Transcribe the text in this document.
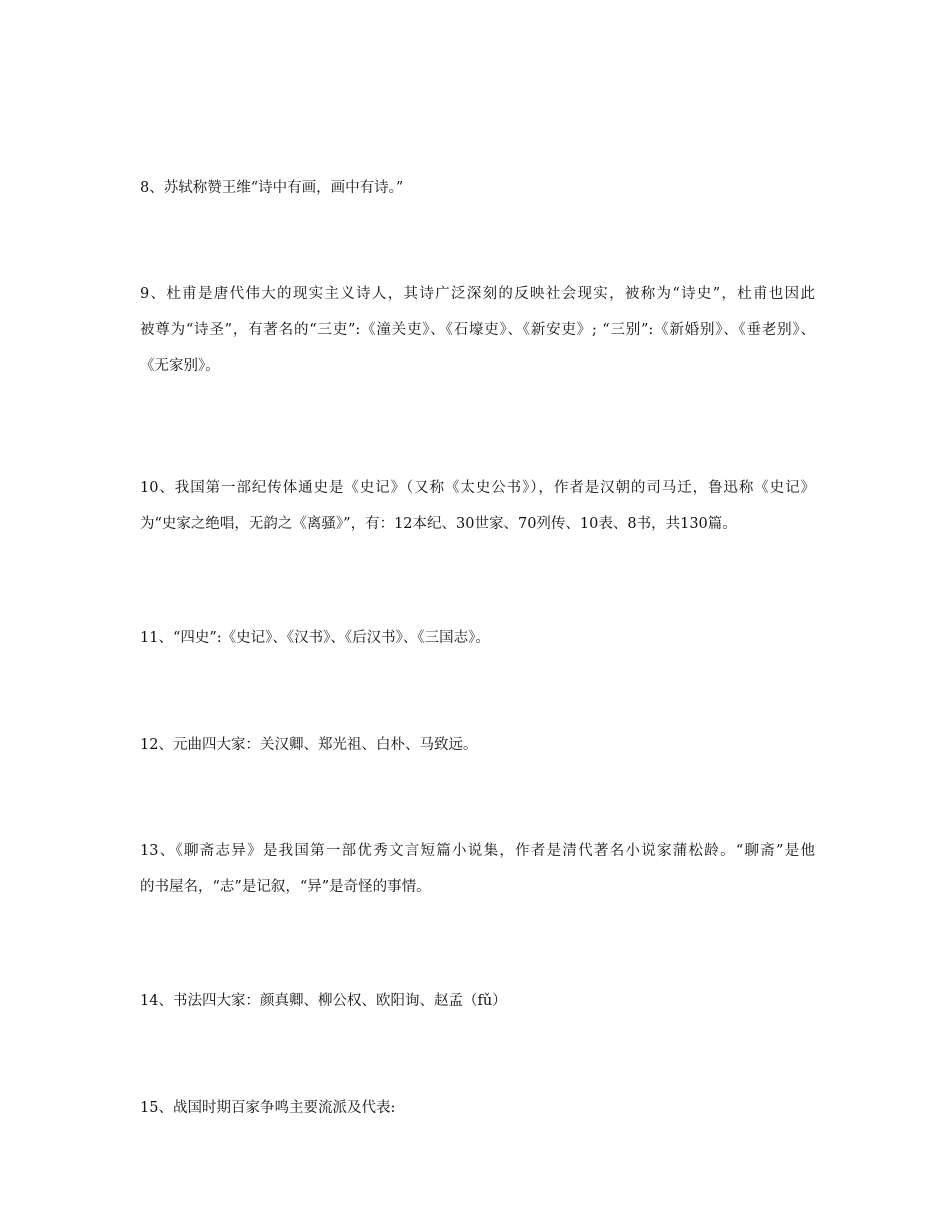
8、苏轼称赞王维“诗中有画，画中有诗。”
9、杜甫是唐代伟大的现实主义诗人，其诗广泛深刻的反映社会现实，被称为“诗史”，杜甫也因此
被尊为“诗圣”，有著名的“三吏”:《潼关吏》、《石壕吏》、《新安吏》; “三别”:《新婚别》、《垂老别》、
《无家别》。
10、我国第一部纪传体通史是《史记》（又称《太史公书》），作者是汉朝的司马迁，鲁迅称《史记》
为“史家之绝唱，无韵之《离骚》”，有：12本纪、30世家、70列传、10表、8书，共130篇。
11、“四史”:《史记》、《汉书》、《后汉书》、《三国志》。
12、元曲四大家：关汉卿、郑光祖、白朴、马致远。
13、《聊斋志异》是我国第一部优秀文言短篇小说集，作者是清代著名小说家蒲松龄。“聊斋”是他
的书屋名，“志”是记叙，“异”是奇怪的事情。
14、书法四大家：颜真卿、柳公权、欧阳询、赵孟（fǔ）
15、战国时期百家争鸣主要流派及代表:
